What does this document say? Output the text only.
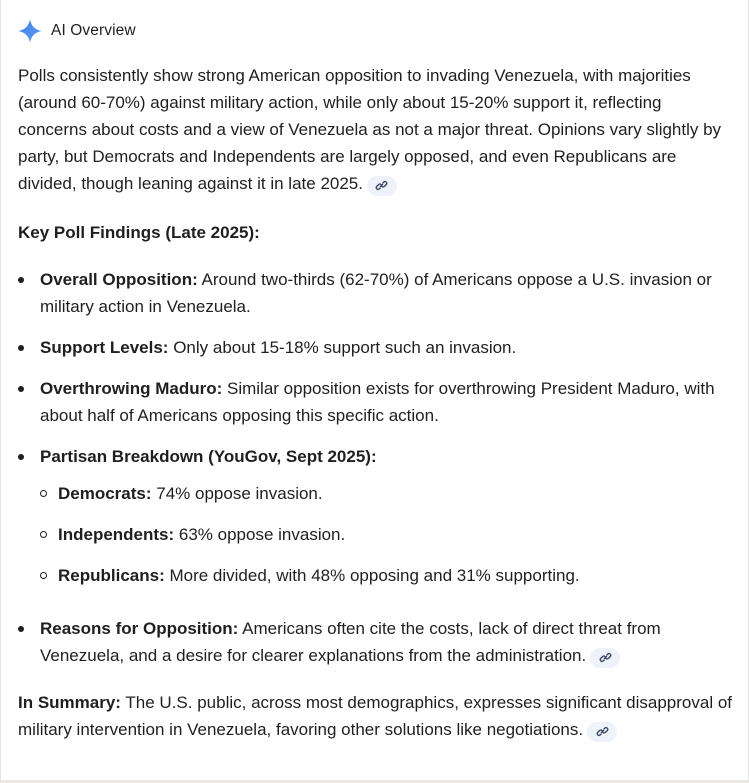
AI Overview

Polls consistently show strong American opposition to invading Venezuela, with majorities (around 60-70%) against military action, while only about 15-20% support it, reflecting concerns about costs and a view of Venezuela as not a major threat. Opinions vary slightly by party, but Democrats and Independents are largely opposed, and even Republicans are divided, though leaning against it in late 2025.

Key Poll Findings (Late 2025):

Overall Opposition: Around two-thirds (62-70%) of Americans oppose a U.S. invasion or military action in Venezuela.
Support Levels: Only about 15-18% support such an invasion.
Overthrowing Maduro: Similar opposition exists for overthrowing President Maduro, with about half of Americans opposing this specific action.
Partisan Breakdown (YouGov, Sept 2025):
Democrats: 74% oppose invasion.
Independents: 63% oppose invasion.
Republicans: More divided, with 48% opposing and 31% supporting.
Reasons for Opposition: Americans often cite the costs, lack of direct threat from Venezuela, and a desire for clearer explanations from the administration.

In Summary: The U.S. public, across most demographics, expresses significant disapproval of military intervention in Venezuela, favoring other solutions like negotiations.
